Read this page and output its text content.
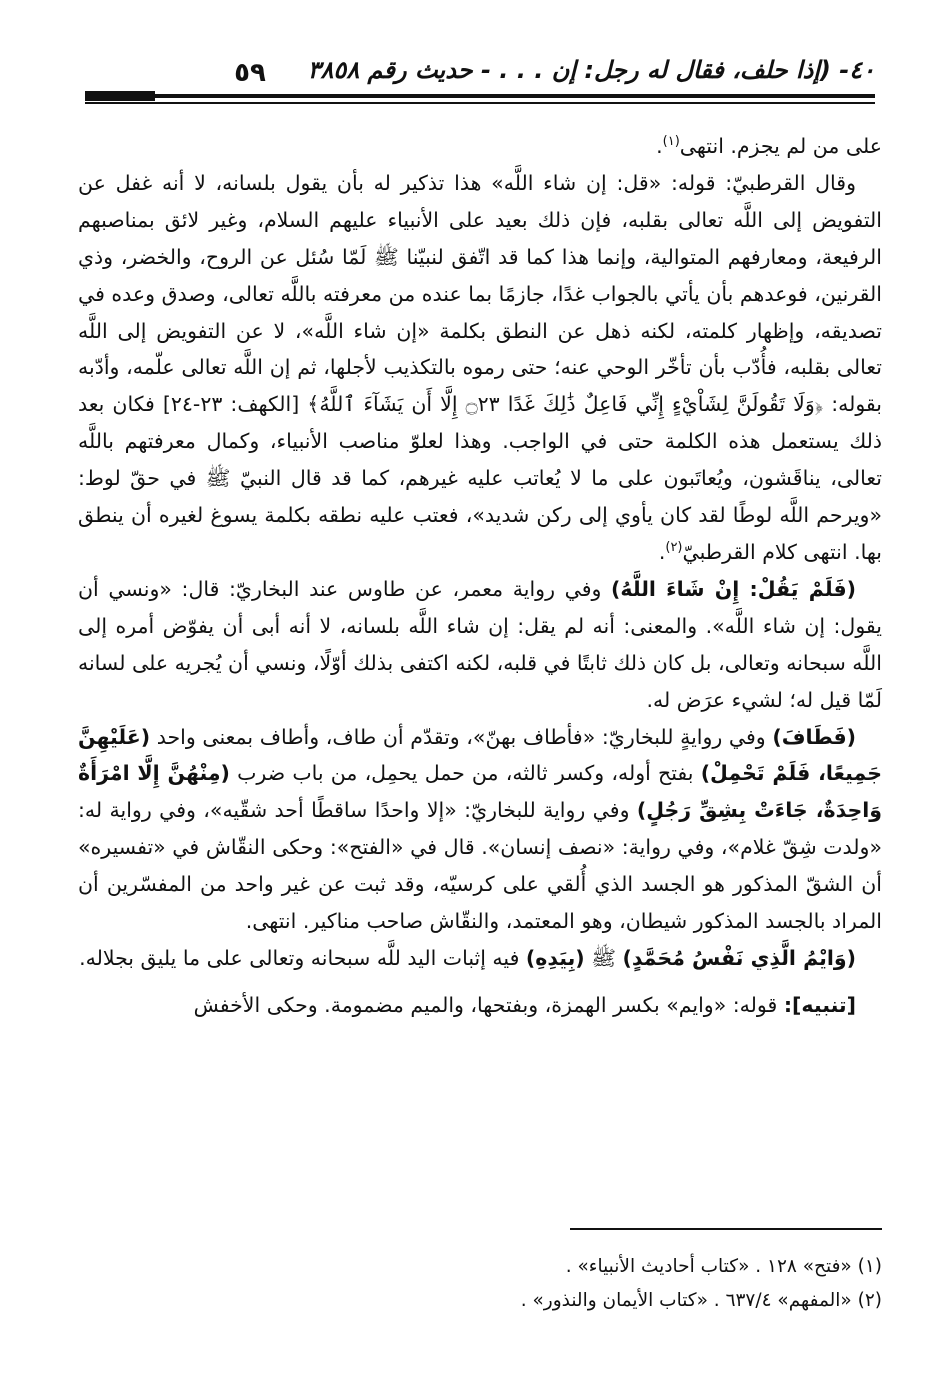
٥٩	٤٠- (إذا حلف، فقال له رجل: إن . . . - حديث رقم ٣٨٥٨

على من لم يجزم. انتهى$^{(١)}$.

وقال القرطبيّ: قوله: «قل: إن شاء اللَّه» هذا تذكير له بأن يقول بلسانه، لا أنه غفل عن التفويض إلى اللَّه تعالى بقلبه، فإن ذلك بعيد على الأنبياء عليهم السلام، وغير لائق بمناصبهم الرفيعة، ومعارفهم المتوالية، وإنما هذا كما قد اتّفق لنبيّنا ﷺ لَمّا سُئل عن الروح، والخضر، وذي القرنين، فوعدهم بأن يأتي بالجواب غدًا، جازمًا بما عنده من معرفته باللَّه تعالى، وصدق وعده في تصديقه، وإظهار كلمته، لكنه ذهل عن النطق بكلمة «إن شاء اللَّه»، لا عن التفويض إلى اللَّه تعالى بقلبه، فأُدّب بأن تأخّر الوحي عنه؛ حتى رموه بالتكذيب لأجلها، ثم إن اللَّه تعالى علّمه، وأدّبه بقوله: ﴿وَلَا تَقُولَنَّ لِشَاْيْءٍ إِنِّي فَاعِلٌ ذَٰلِكَ غَدًا ۝٢٣ إِلَّا أَن يَشَآءَ ٱللَّهُ﴾ [الكهف: ٢٣-٢٤] فكان بعد ذلك يستعمل هذه الكلمة حتى في الواجب. وهذا لعلوّ مناصب الأنبياء، وكمال معرفتهم باللَّه تعالى، يناقَشون، ويُعاتَبون على ما لا يُعاتب عليه غيرهم، كما قد قال النبيّ ﷺ في حقّ لوط: «ويرحم اللَّه لوطًا لقد كان يأوي إلى ركن شديد»، فعتب عليه نطقه بكلمة يسوغ لغيره أن ينطق بها. انتهى كلام القرطبيّ$^{(٢)}$.

(فَلَمْ يَقُلْ: إِنْ شَاءَ اللَّهُ) وفي رواية معمر، عن طاوس عند البخاريّ: قال: «ونسي أن يقول: إن شاء اللَّه». والمعنى: أنه لم يقل: إن شاء اللَّه بلسانه، لا أنه أبى أن يفوّض أمره إلى اللَّه سبحانه وتعالى، بل كان ذلك ثابتًا في قلبه، لكنه اكتفى بذلك أوّلًا، ونسي أن يُجريه على لسانه لَمّا قيل له؛ لشيء عرَض له.

(فَطَافَ) وفي روايةٍ للبخاريّ: «فأطاف بهنّ»، وتقدّم أن طاف، وأطاف بمعنى واحد (عَلَيْهِنَّ جَمِيعًا، فَلَمْ تَحْمِلْ) بفتح أوله، وكسر ثالثه، من حمل يحمِل، من باب ضرب (مِنْهُنَّ إِلَّا امْرَأَةٌ وَاحِدَةٌ، جَاءَتْ بِشِقِّ رَجُلٍ) وفي رواية للبخاريّ: «إلا واحدًا ساقطًا أحد شقّيه»، وفي رواية له: «ولدت شِقّ غلام»، وفي رواية: «نصف إنسان». قال في «الفتح»: وحكى النقّاش في «تفسيره» أن الشقّ المذكور هو الجسد الذي أُلقي على كرسيّه، وقد ثبت عن غير واحد من المفسّرين أن المراد بالجسد المذكور شيطان، وهو المعتمد، والنقّاش صاحب مناكير. انتهى.

(وَايْمُ الَّذِي نَفْسُ مُحَمَّدٍ) ﷺ (بِيَدِهِ) فيه إثبات اليد للَّه سبحانه وتعالى على ما يليق بجلاله.

[تنبيه]: قوله: «وايم» بكسر الهمزة، وبفتحها، والميم مضمومة. وحكى الأخفش

(١) «فتح» ١٢٨ . «كتاب أحاديث الأنبياء» .

(٢) «المفهم» ٦٣٧/٤ . «كتاب الأيمان والنذور» .
